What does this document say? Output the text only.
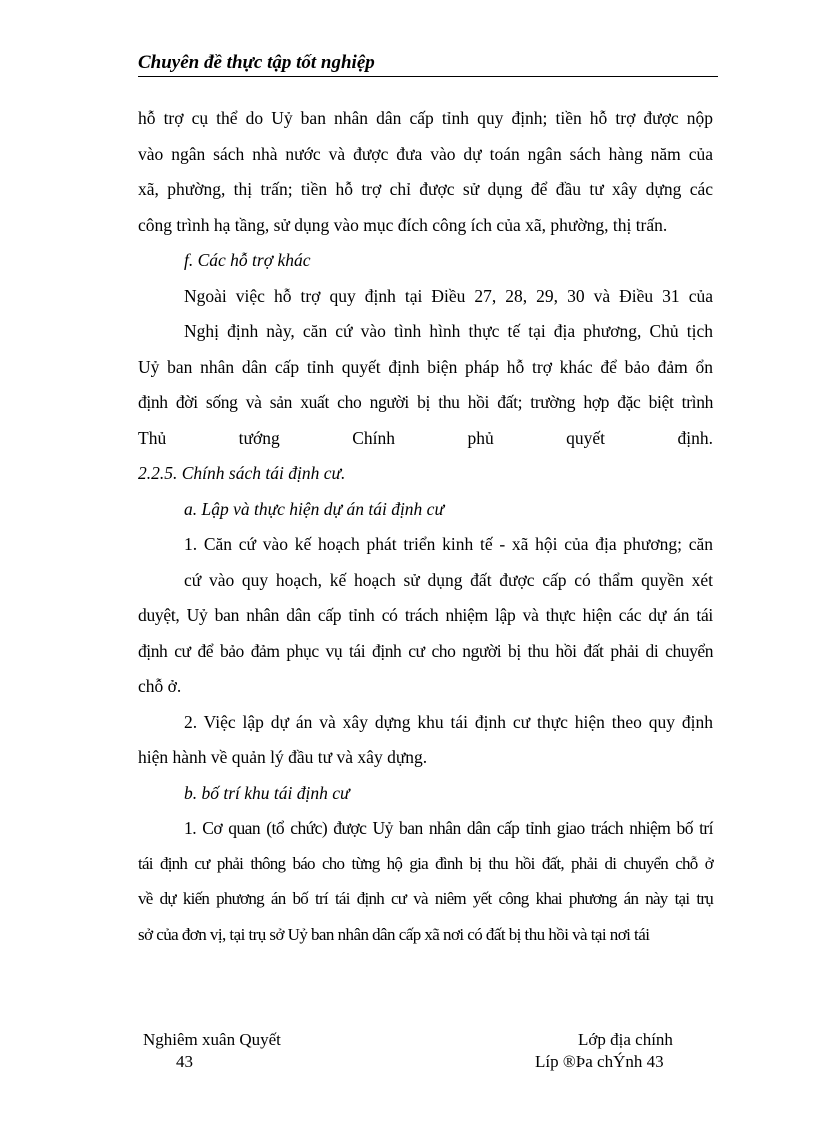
Chuyên đề thực tập tốt nghiệp
hỗ trợ cụ thể do Uỷ ban nhân dân cấp tỉnh quy định; tiền hỗ trợ được nộp
vào ngân sách nhà nước và được đưa vào dự toán ngân sách hàng năm của
xã, phường, thị trấn; tiền hỗ trợ chỉ được sử dụng để đầu tư xây dựng các
công trình hạ tầng, sử dụng vào mục đích công ích của xã, phường, thị trấn.
f. Các hỗ trợ khác
Ngoài việc hỗ trợ quy định tại Điều 27, 28, 29, 30 và Điều 31 của
Nghị định này, căn cứ vào tình hình thực tế tại địa phương, Chủ tịch
Uỷ ban nhân dân cấp tỉnh quyết định biện pháp hỗ trợ khác để bảo đảm ổn
định đời sống và sản xuất cho người bị thu hồi đất; trường hợp đặc biệt trình
Thủ tướng Chính phủ quyết định.
2.2.5. Chính sách tái định cư.
a. Lập và thực hiện dự án tái định cư
1. Căn cứ vào kế hoạch phát triển kinh tế - xã hội của địa phương; căn
cứ vào quy hoạch, kế hoạch sử dụng đất được cấp có thẩm quyền xét
duyệt, Uỷ ban nhân dân cấp tỉnh có trách nhiệm lập và thực hiện các dự án tái
định cư để bảo đảm phục vụ tái định cư cho người bị thu hồi đất phải di chuyển
chỗ ở.
2. Việc lập dự án và xây dựng khu tái định cư thực hiện theo quy định
hiện hành về quản lý đầu tư và xây dựng.
b. bố trí khu tái định cư
1. Cơ quan (tổ chức) được Uỷ ban nhân dân cấp tỉnh giao trách nhiệm bố trí
tái định cư phải thông báo cho từng hộ gia đình bị thu hồi đất, phải di chuyển chỗ ở
về dự kiến phương án bố trí tái định cư và niêm yết công khai phương án này tại trụ
sở của đơn vị, tại trụ sở Uỷ ban nhân dân cấp xã nơi có đất bị thu hồi và tại nơi tái
Nghiêm xuân Quyết	Lớp địa chính
43	Líp ®Þa chÝnh 43
